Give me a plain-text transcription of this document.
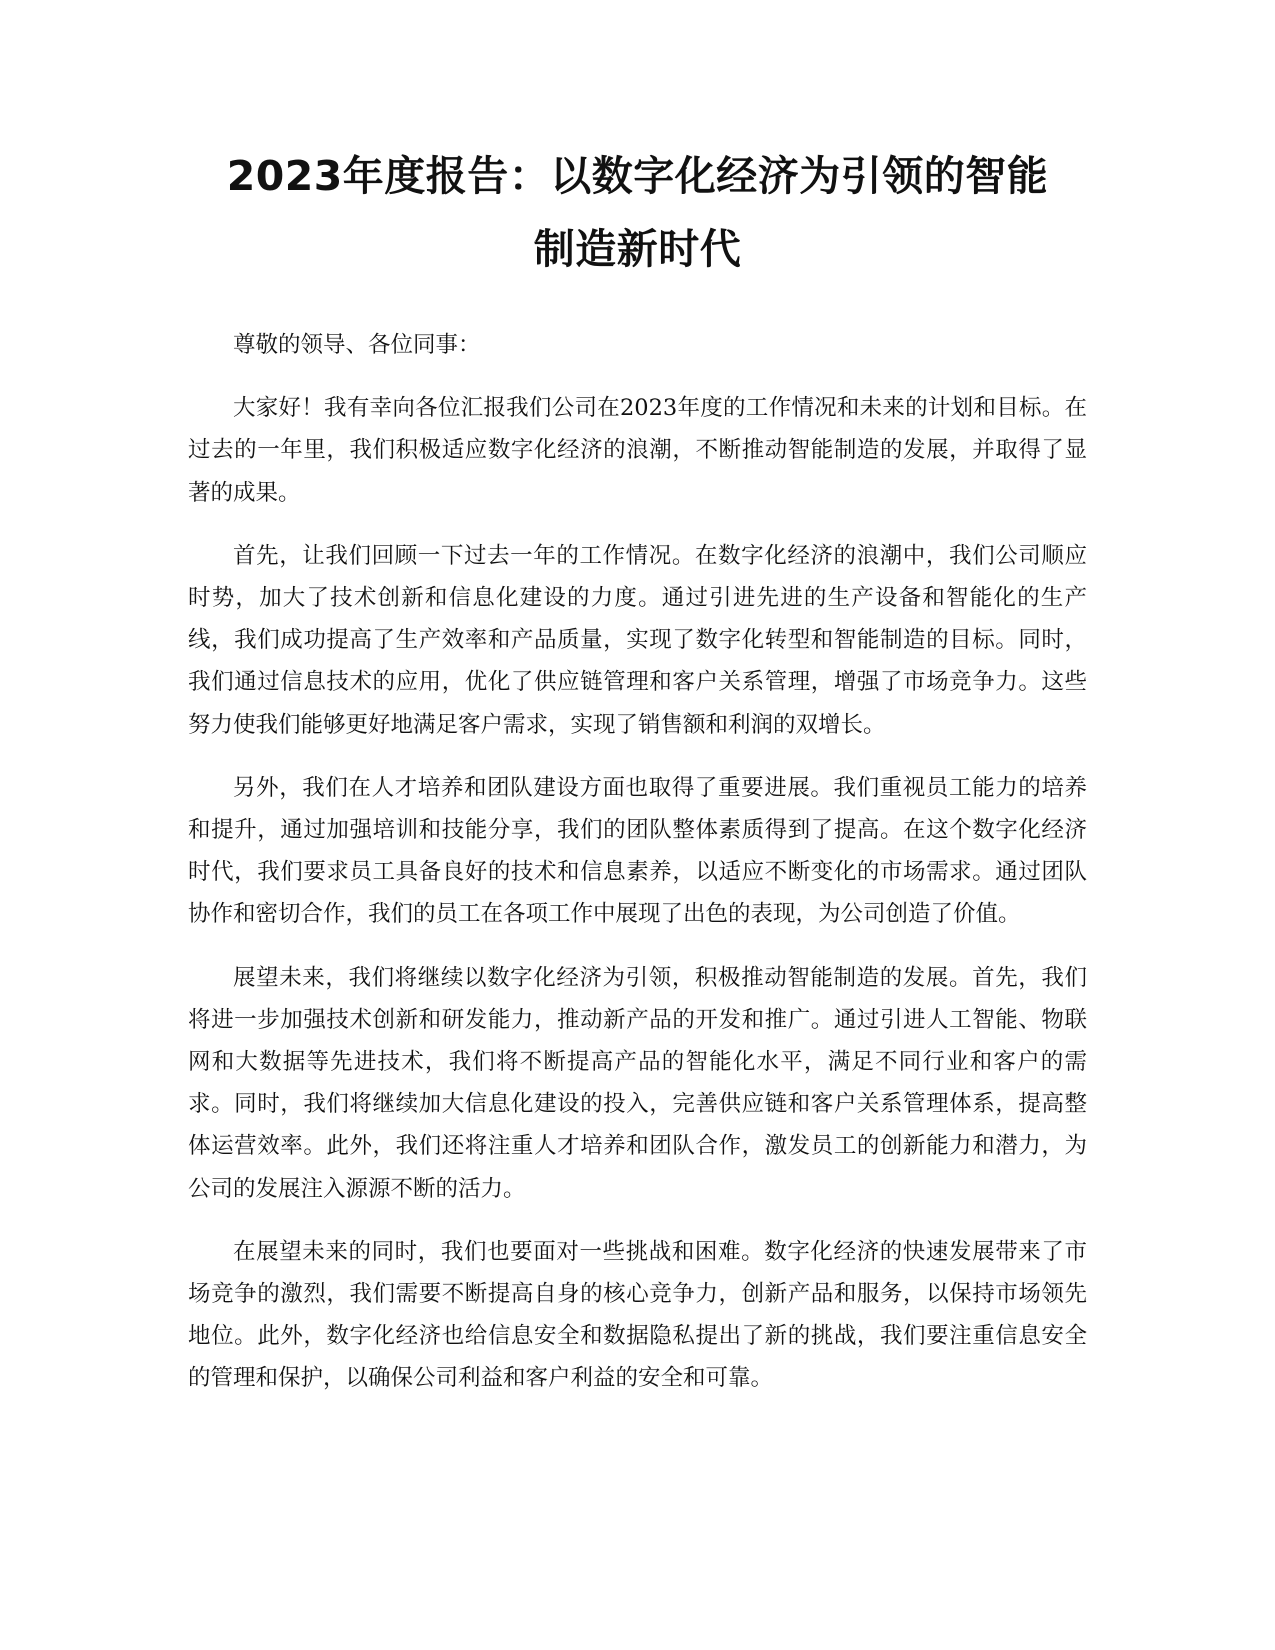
2023年度报告：以数字化经济为引领的智能
制造新时代

尊敬的领导、各位同事：

大家好！我有幸向各位汇报我们公司在2023年度的工作情况和未来的计划和目标。在过去的一年里，我们积极适应数字化经济的浪潮，不断推动智能制造的发展，并取得了显著的成果。

首先，让我们回顾一下过去一年的工作情况。在数字化经济的浪潮中，我们公司顺应时势，加大了技术创新和信息化建设的力度。通过引进先进的生产设备和智能化的生产线，我们成功提高了生产效率和产品质量，实现了数字化转型和智能制造的目标。同时，我们通过信息技术的应用，优化了供应链管理和客户关系管理，增强了市场竞争力。这些努力使我们能够更好地满足客户需求，实现了销售额和利润的双增长。

另外，我们在人才培养和团队建设方面也取得了重要进展。我们重视员工能力的培养和提升，通过加强培训和技能分享，我们的团队整体素质得到了提高。在这个数字化经济时代，我们要求员工具备良好的技术和信息素养，以适应不断变化的市场需求。通过团队协作和密切合作，我们的员工在各项工作中展现了出色的表现，为公司创造了价值。

展望未来，我们将继续以数字化经济为引领，积极推动智能制造的发展。首先，我们将进一步加强技术创新和研发能力，推动新产品的开发和推广。通过引进人工智能、物联网和大数据等先进技术，我们将不断提高产品的智能化水平，满足不同行业和客户的需求。同时，我们将继续加大信息化建设的投入，完善供应链和客户关系管理体系，提高整体运营效率。此外，我们还将注重人才培养和团队合作，激发员工的创新能力和潜力，为公司的发展注入源源不断的活力。

在展望未来的同时，我们也要面对一些挑战和困难。数字化经济的快速发展带来了市场竞争的激烈，我们需要不断提高自身的核心竞争力，创新产品和服务，以保持市场领先地位。此外，数字化经济也给信息安全和数据隐私提出了新的挑战，我们要注重信息安全的管理和保护，以确保公司利益和客户利益的安全和可靠。
